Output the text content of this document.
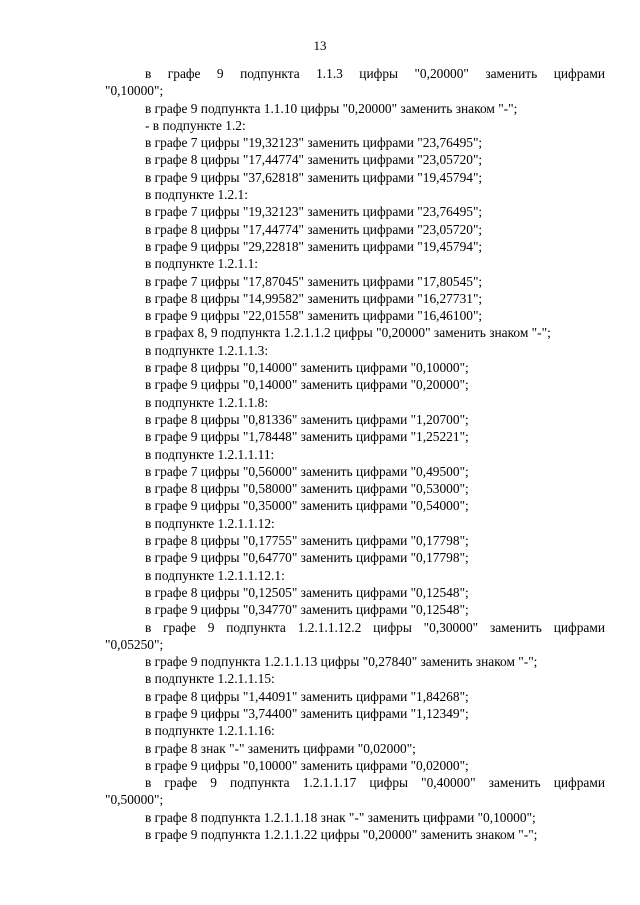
13
в графе 9 подпункта 1.1.3 цифры "0,20000" заменить цифрами
"0,10000";
в графе 9 подпункта 1.1.10 цифры "0,20000" заменить знаком "-";
- в подпункте 1.2:
в графе 7 цифры "19,32123" заменить цифрами "23,76495";
в графе 8 цифры "17,44774" заменить цифрами "23,05720";
в графе 9 цифры "37,62818" заменить цифрами "19,45794";
в подпункте 1.2.1:
в графе 7 цифры "19,32123" заменить цифрами "23,76495";
в графе 8 цифры "17,44774" заменить цифрами "23,05720";
в графе 9 цифры "29,22818" заменить цифрами "19,45794";
в подпункте 1.2.1.1:
в графе 7 цифры "17,87045" заменить цифрами "17,80545";
в графе 8 цифры "14,99582" заменить цифрами "16,27731";
в графе 9 цифры "22,01558" заменить цифрами "16,46100";
в графах 8, 9 подпункта 1.2.1.1.2 цифры "0,20000" заменить знаком "-";
в подпункте 1.2.1.1.3:
в графе 8 цифры "0,14000" заменить цифрами "0,10000";
в графе 9 цифры "0,14000" заменить цифрами "0,20000";
в подпункте 1.2.1.1.8:
в графе 8 цифры "0,81336" заменить цифрами "1,20700";
в графе 9 цифры "1,78448" заменить цифрами "1,25221";
в подпункте 1.2.1.1.11:
в графе 7 цифры "0,56000" заменить цифрами "0,49500";
в графе 8 цифры "0,58000" заменить цифрами "0,53000";
в графе 9 цифры "0,35000" заменить цифрами "0,54000";
в подпункте 1.2.1.1.12:
в графе 8 цифры "0,17755" заменить цифрами "0,17798";
в графе 9 цифры "0,64770" заменить цифрами "0,17798";
в подпункте 1.2.1.1.12.1:
в графе 8 цифры "0,12505" заменить цифрами "0,12548";
в графе 9 цифры "0,34770" заменить цифрами "0,12548";
в графе 9 подпункта 1.2.1.1.12.2 цифры "0,30000" заменить цифрами
"0,05250";
в графе 9 подпункта 1.2.1.1.13 цифры "0,27840" заменить знаком "-";
в подпункте 1.2.1.1.15:
в графе 8 цифры "1,44091" заменить цифрами "1,84268";
в графе 9 цифры "3,74400" заменить цифрами "1,12349";
в подпункте 1.2.1.1.16:
в графе 8 знак "-" заменить цифрами "0,02000";
в графе 9 цифры "0,10000" заменить цифрами "0,02000";
в графе 9 подпункта 1.2.1.1.17 цифры "0,40000" заменить цифрами
"0,50000";
в графе 8 подпункта 1.2.1.1.18 знак "-" заменить цифрами "0,10000";
в графе 9 подпункта 1.2.1.1.22 цифры "0,20000" заменить знаком "-";
